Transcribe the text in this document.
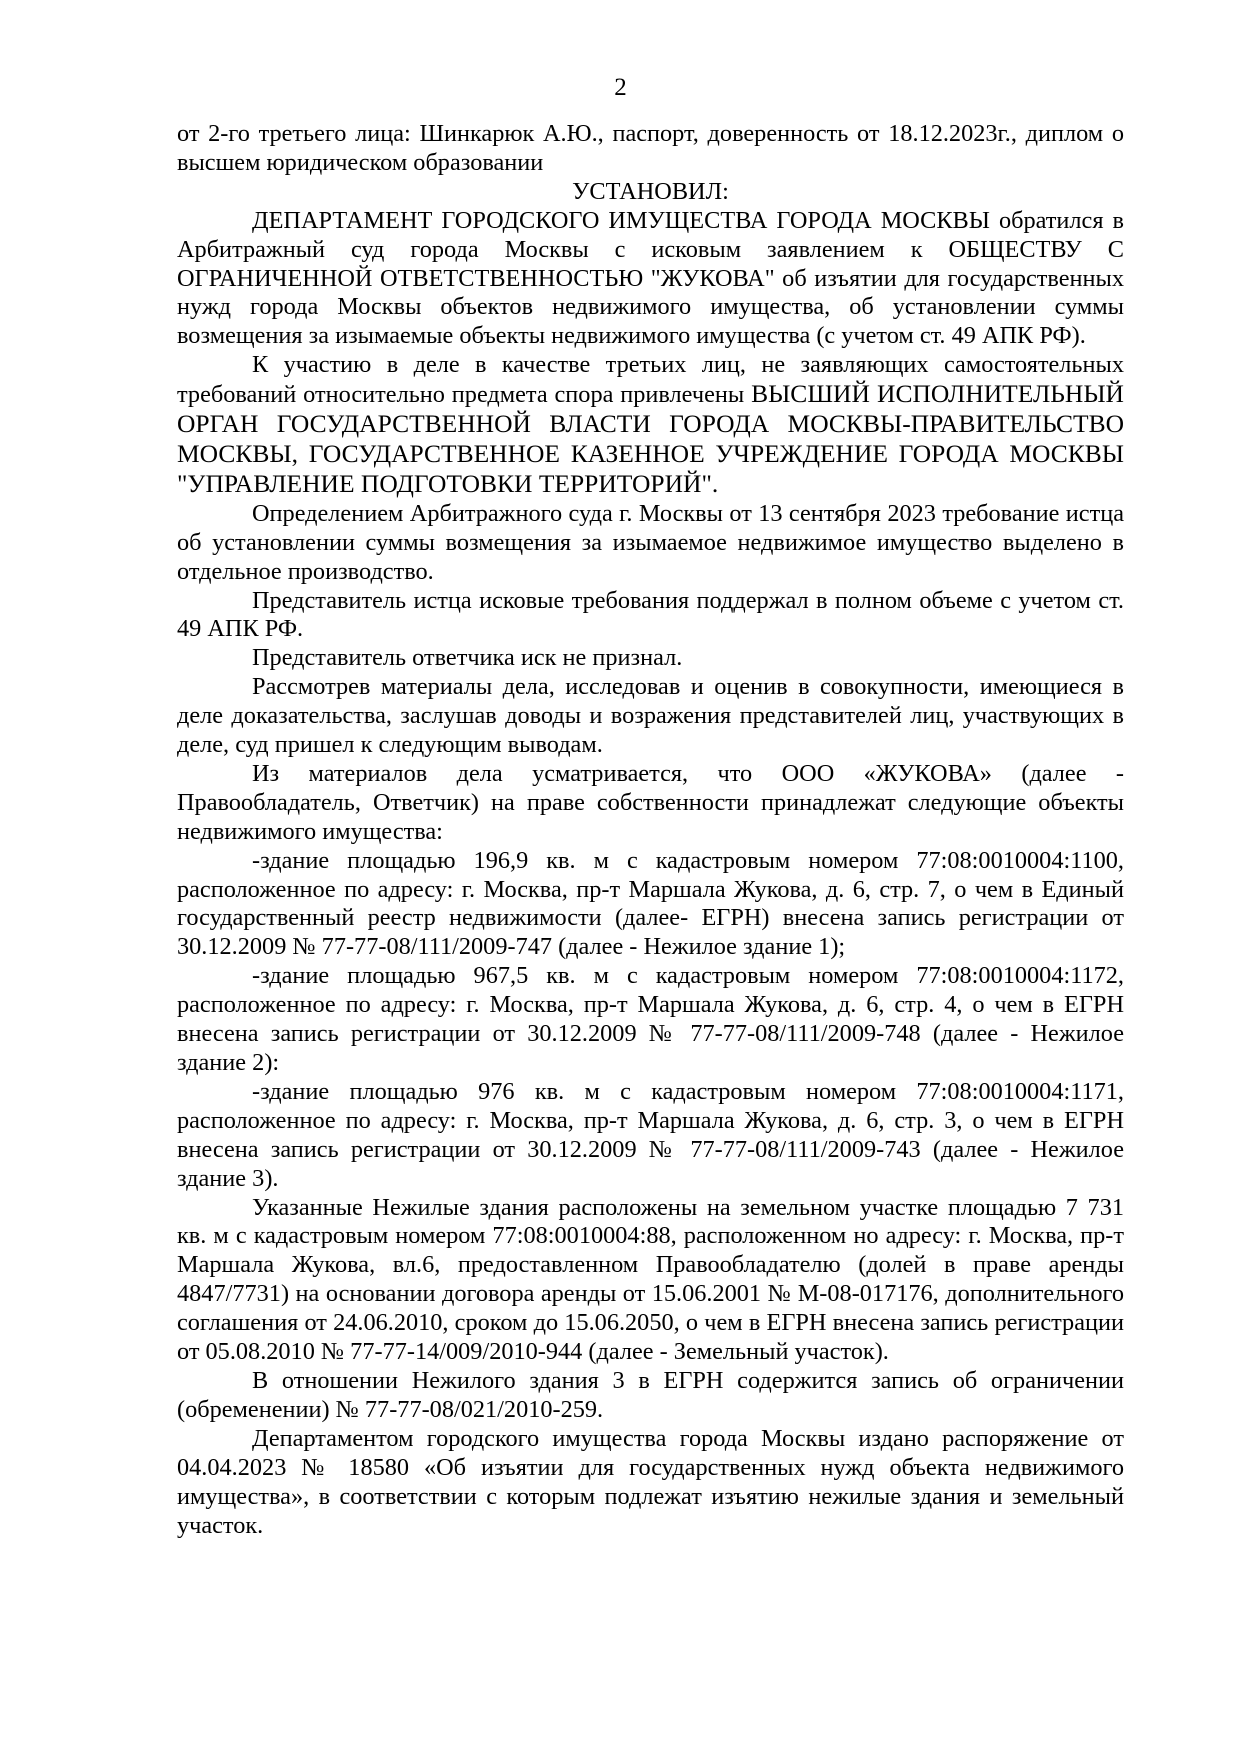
2

от 2-го третьего лица: Шинкарюк А.Ю., паспорт, доверенность от 18.12.2023г., диплом о высшем юридическом образовании

УСТАНОВИЛ:

ДЕПАРТАМЕНТ ГОРОДСКОГО ИМУЩЕСТВА ГОРОДА МОСКВЫ обратился в Арбитражный суд города Москвы с исковым заявлением к ОБЩЕСТВУ С ОГРАНИЧЕННОЙ ОТВЕТСТВЕННОСТЬЮ "ЖУКОВА" об изъятии для государственных нужд города Москвы объектов недвижимого имущества, об установлении суммы возмещения за изымаемые объекты недвижимого имущества (с учетом ст. 49 АПК РФ).

К участию в деле в качестве третьих лиц, не заявляющих самостоятельных требований относительно предмета спора привлечены ВЫСШИЙ ИСПОЛНИТЕЛЬНЫЙ ОРГАН ГОСУДАРСТВЕННОЙ ВЛАСТИ ГОРОДА МОСКВЫ-ПРАВИТЕЛЬСТВО МОСКВЫ, ГОСУДАРСТВЕННОЕ КАЗЕННОЕ УЧРЕЖДЕНИЕ ГОРОДА МОСКВЫ "УПРАВЛЕНИЕ ПОДГОТОВКИ ТЕРРИТОРИЙ".

Определением Арбитражного суда г. Москвы от 13 сентября 2023 требование истца об установлении суммы возмещения за изымаемое недвижимое имущество выделено в отдельное производство.

Представитель истца исковые требования поддержал в полном объеме с учетом ст. 49 АПК РФ.

Представитель ответчика иск не признал.

Рассмотрев материалы дела, исследовав и оценив в совокупности, имеющиеся в деле доказательства, заслушав доводы и возражения представителей лиц, участвующих в деле, суд пришел к следующим выводам.

Из материалов дела усматривается, что ООО «ЖУКОВА» (далее - Правообладатель, Ответчик) на праве собственности принадлежат следующие объекты недвижимого имущества:

-здание площадью 196,9 кв. м с кадастровым номером 77:08:0010004:1100, расположенное по адресу: г. Москва, пр-т Маршала Жукова, д. 6, стр. 7, о чем в Единый государственный реестр недвижимости (далее- ЕГРН) внесена запись регистрации от 30.12.2009 № 77-77-08/111/2009-747 (далее - Нежилое здание 1);

-здание площадью 967,5 кв. м с кадастровым номером 77:08:0010004:1172, расположенное по адресу: г. Москва, пр-т Маршала Жукова, д. 6, стр. 4, о чем в ЕГРН внесена запись регистрации от 30.12.2009 № 77-77-08/111/2009-748 (далее - Нежилое здание 2):

-здание площадью 976 кв. м с кадастровым номером 77:08:0010004:1171, расположенное по адресу: г. Москва, пр-т Маршала Жукова, д. 6, стр. 3, о чем в ЕГРН внесена запись регистрации от 30.12.2009 № 77-77-08/111/2009-743 (далее - Нежилое здание 3).

Указанные Нежилые здания расположены на земельном участке площадью 7 731 кв. м с кадастровым номером 77:08:0010004:88, расположенном но адресу: г. Москва, пр-т Маршала Жукова, вл.6, предоставленном Правообладателю (долей в праве аренды 4847/7731) на основании договора аренды от 15.06.2001 № М-08-017176, дополнительного соглашения от 24.06.2010, сроком до 15.06.2050, о чем в ЕГРН внесена запись регистрации от 05.08.2010 № 77-77-14/009/2010-944 (далее - Земельный участок).

В отношении Нежилого здания 3 в ЕГРН содержится запись об ограничении (обременении) № 77-77-08/021/2010-259.

Департаментом городского имущества города Москвы издано распоряжение от 04.04.2023 № 18580 «Об изъятии для государственных нужд объекта недвижимого имущества», в соответствии с которым подлежат изъятию нежилые здания и земельный участок.
